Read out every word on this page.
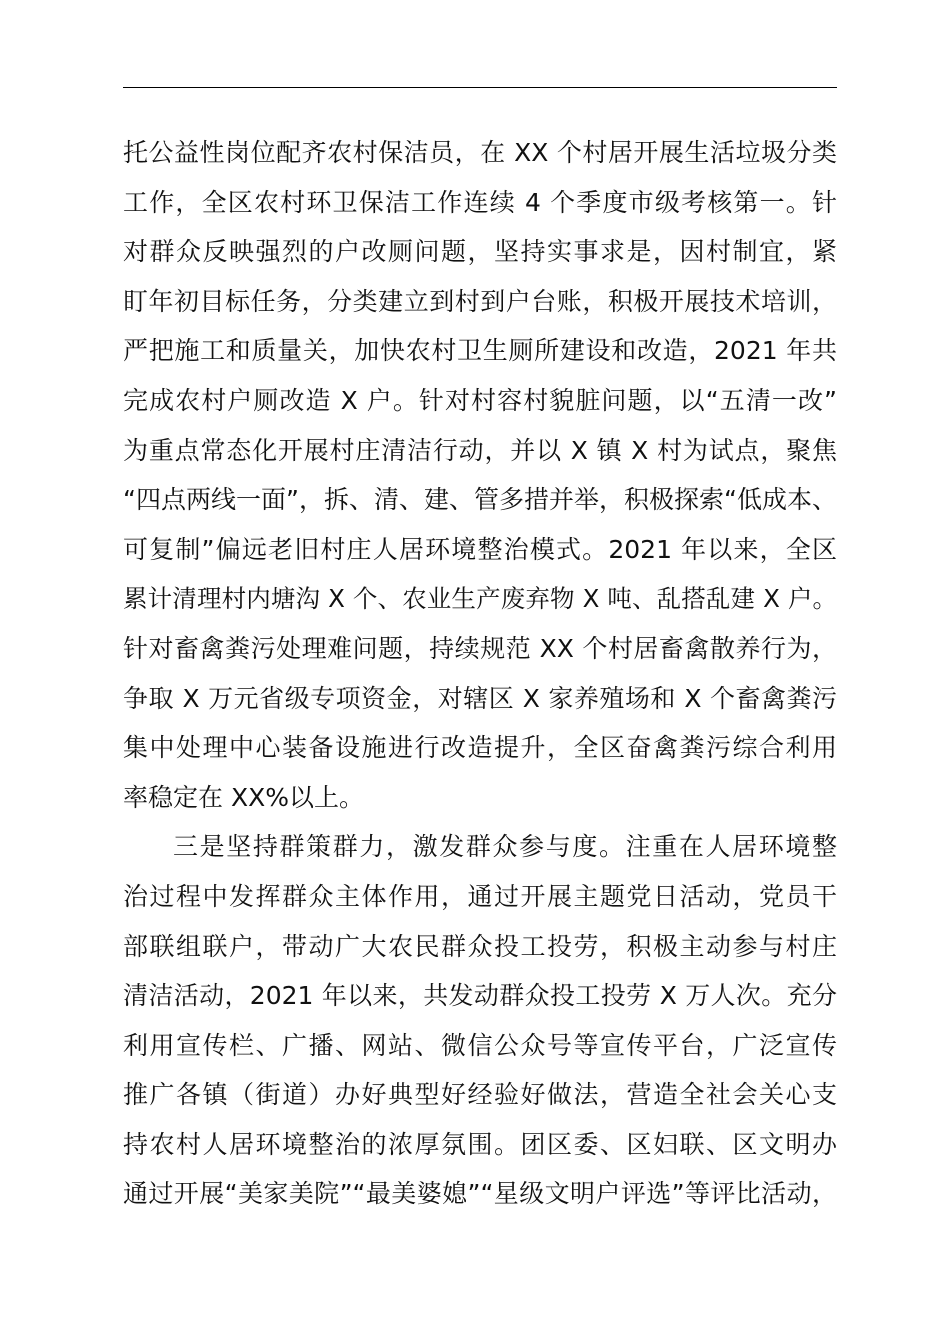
托公益性岗位配齐农村保洁员，在 XX 个村居开展生活垃圾分类
工作，全区农村环卫保洁工作连续 4 个季度市级考核第一。针
对群众反映强烈的户改厕问题，坚持实事求是，因村制宜，紧
盯年初目标任务，分类建立到村到户台账，积极开展技术培训，
严把施工和质量关，加快农村卫生厕所建设和改造，2021 年共
完成农村户厕改造 X 户。针对村容村貌脏问题，以“五清一改”
为重点常态化开展村庄清洁行动，并以 X 镇 X 村为试点，聚焦
“四点两线一面”，拆、清、建、管多措并举，积极探索“低成本、
可复制”偏远老旧村庄人居环境整治模式。2021 年以来，全区
累计清理村内塘沟 X 个、农业生产废弃物 X 吨、乱搭乱建 X 户。
针对畜禽粪污处理难问题，持续规范 XX 个村居畜禽散养行为，
争取 X 万元省级专项资金，对辖区 X 家养殖场和 X 个畜禽粪污
集中处理中心装备设施进行改造提升，全区奋禽粪污综合利用
率稳定在 XX%以上。
三是坚持群策群力，激发群众参与度。注重在人居环境整
治过程中发挥群众主体作用，通过开展主题党日活动，党员干
部联组联户，带动广大农民群众投工投劳，积极主动参与村庄
清洁活动，2021 年以来，共发动群众投工投劳 X 万人次。充分
利用宣传栏、广播、网站、微信公众号等宣传平台，广泛宣传
推广各镇（街道）办好典型好经验好做法，营造全社会关心支
持农村人居环境整治的浓厚氛围。团区委、区妇联、区文明办
通过开展“美家美院”“最美婆媳”“星级文明户评选”等评比活动，
